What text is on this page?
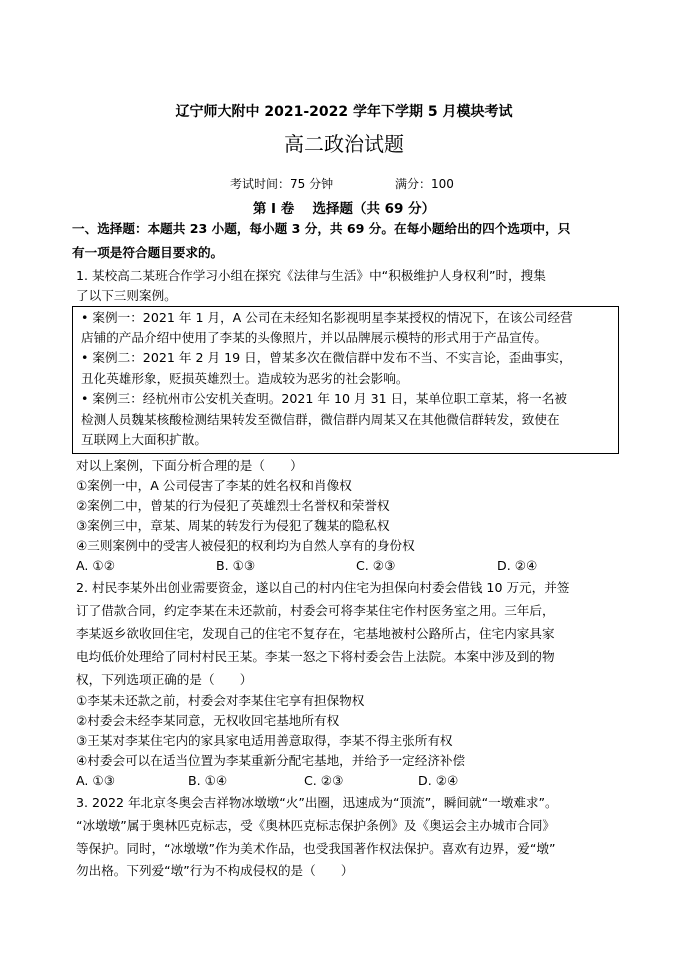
辽宁师大附中 2021-2022 学年下学期 5 月模块考试
高二政治试题
考试时间：75 分钟	满分：100
第 I 卷　 选择题（共 69 分）
一、选择题：本题共 23 小题，每小题 3 分，共 69 分。在每小题给出的四个选项中，只
有一项是符合题目要求的。
1. 某校高二某班合作学习小组在探究《法律与生活》中“积极维护人身权利”时，搜集
了以下三则案例。
• 案例一：2021 年 1 月，A 公司在未经知名影视明星李某授权的情况下，在该公司经营
店铺的产品介绍中使用了李某的头像照片，并以品牌展示模特的形式用于产品宣传。
• 案例二：2021 年 2 月 19 日，曾某多次在微信群中发布不当、不实言论，歪曲事实，
丑化英雄形象，贬损英雄烈士。造成较为恶劣的社会影响。
• 案例三：经杭州市公安机关查明。2021 年 10 月 31 日，某单位职工章某，将一名被
检测人员魏某核酸检测结果转发至微信群，微信群内周某又在其他微信群转发，致使在
互联网上大面积扩散。
对以上案例，下面分析合理的是（　　）
①案例一中，A 公司侵害了李某的姓名权和肖像权
②案例二中，曾某的行为侵犯了英雄烈士名誉权和荣誉权
③案例三中，章某、周某的转发行为侵犯了魏某的隐私权
④三则案例中的受害人被侵犯的权利均为自然人享有的身份权
A. ①②	B. ①③	C. ②③	D. ②④
2. 村民李某外出创业需要资金，遂以自己的村内住宅为担保向村委会借钱 10 万元，并签
订了借款合同，约定李某在未还款前，村委会可将李某住宅作村医务室之用。三年后，
李某返乡欲收回住宅，发现自己的住宅不复存在，宅基地被村公路所占，住宅内家具家
电均低价处理给了同村村民王某。李某一怒之下将村委会告上法院。本案中涉及到的物
权，下列选项正确的是（　　）
①李某未还款之前，村委会对李某住宅享有担保物权
②村委会未经李某同意，无权收回宅基地所有权
③王某对李某住宅内的家具家电适用善意取得，李某不得主张所有权
④村委会可以在适当位置为李某重新分配宅基地，并给予一定经济补偿
A. ①③	B. ①④	C. ②③	D. ②④
3. 2022 年北京冬奥会吉祥物冰墩墩“火”出圈，迅速成为“顶流”，瞬间就“一墩难求”。
“冰墩墩”属于奥林匹克标志，受《奥林匹克标志保护条例》及《奥运会主办城市合同》
等保护。同时，“冰墩墩”作为美术作品，也受我国著作权法保护。喜欢有边界，爱“墩”
勿出格。下列爱“墩”行为不构成侵权的是（　　）
